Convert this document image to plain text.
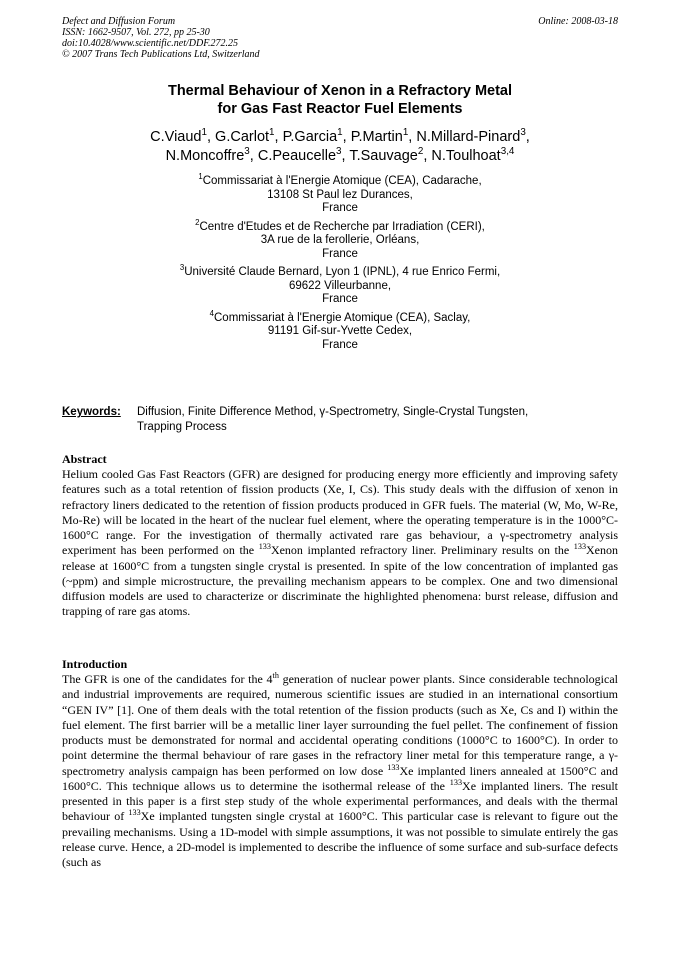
Defect and Diffusion Forum
ISSN: 1662-9507, Vol. 272, pp 25-30
doi:10.4028/www.scientific.net/DDF.272.25
© 2007 Trans Tech Publications Ltd, Switzerland
Online: 2008-03-18
Thermal Behaviour of Xenon in a Refractory Metal
for Gas Fast Reactor Fuel Elements
C.Viaud$^1$, G.Carlot$^1$, P.Garcia$^1$, P.Martin$^1$, N.Millard-Pinard$^3$,
N.Moncoffre$^3$, C.Peaucelle$^3$, T.Sauvage$^2$, N.Toulhoat$^{3,4}$
$^1$Commissariat à l'Energie Atomique (CEA), Cadarache,
13108 St Paul lez Durances,
France
$^2$Centre d'Etudes et de Recherche par Irradiation (CERI),
3A rue de la ferollerie, Orléans,
France
$^3$Université Claude Bernard, Lyon 1 (IPNL), 4 rue Enrico Fermi,
69622 Villeurbanne,
France
$^4$Commissariat à l'Energie Atomique (CEA), Saclay,
91191 Gif-sur-Yvette Cedex,
France
Keywords: Diffusion, Finite Difference Method, γ-Spectrometry, Single-Crystal Tungsten,
Trapping Process
Abstract
Helium cooled Gas Fast Reactors (GFR) are designed for producing energy more efficiently and improving safety features such as a total retention of fission products (Xe, I, Cs). This study deals with the diffusion of xenon in refractory liners dedicated to the retention of fission products produced in GFR fuels. The material (W, Mo, W-Re, Mo-Re) will be located in the heart of the nuclear fuel element, where the operating temperature is in the 1000°C- 1600°C range. For the investigation of thermally activated rare gas behaviour, a γ-spectrometry analysis experiment has been performed on the $^{133}$Xenon implanted refractory liner. Preliminary results on the $^{133}$Xenon release at 1600°C from a tungsten single crystal is presented. In spite of the low concentration of implanted gas (~ppm) and simple microstructure, the prevailing mechanism appears to be complex. One and two dimensional diffusion models are used to characterize or discriminate the highlighted phenomena: burst release, diffusion and trapping of rare gas atoms.
Introduction
The GFR is one of the candidates for the 4th generation of nuclear power plants. Since considerable technological and industrial improvements are required, numerous scientific issues are studied in an international consortium “GEN IV” [1]. One of them deals with the total retention of the fission products (such as Xe, Cs and I) within the fuel element. The first barrier will be a metallic liner layer surrounding the fuel pellet. The confinement of fission products must be demonstrated for normal and accidental operating conditions (1000°C to 1600°C). In order to point determine the thermal behaviour of rare gases in the refractory liner metal for this temperature range, a γ-spectrometry analysis campaign has been performed on low dose $^{133}$Xe implanted liners annealed at 1500°C and 1600°C. This technique allows us to determine the isothermal release of the $^{133}$Xe implanted liners. The result presented in this paper is a first step study of the whole experimental performances, and deals with the thermal behaviour of $^{133}$Xe implanted tungsten single crystal at 1600°C. This particular case is relevant to figure out the prevailing mechanisms. Using a 1D-model with simple assumptions, it was not possible to simulate entirely the gas release curve. Hence, a 2D-model is implemented to describe the influence of some surface and sub-surface defects (such as
